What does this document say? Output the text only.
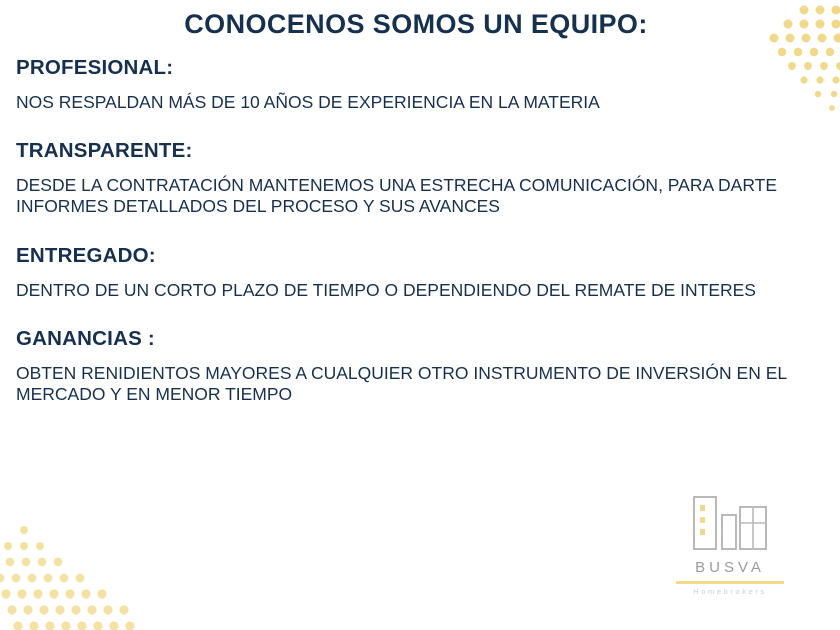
CONOCENOS SOMOS UN EQUIPO:
PROFESIONAL:

NOS RESPALDAN MÁS DE 10 AÑOS DE EXPERIENCIA EN LA MATERIA

TRANSPARENTE:

DESDE LA CONTRATACIÓN MANTENEMOS UNA ESTRECHA COMUNICACIÓN, PARA DARTE INFORMES DETALLADOS DEL PROCESO Y SUS AVANCES

ENTREGADO:

DENTRO DE UN CORTO PLAZO DE TIEMPO O DEPENDIENDO DEL REMATE DE INTERES

GANANCIAS :

OBTEN RENIDIENTOS MAYORES A CUALQUIER OTRO INSTRUMENTO DE INVERSIÓN EN EL MERCADO Y EN MENOR TIEMPO

BUSVA
Homebrokers
